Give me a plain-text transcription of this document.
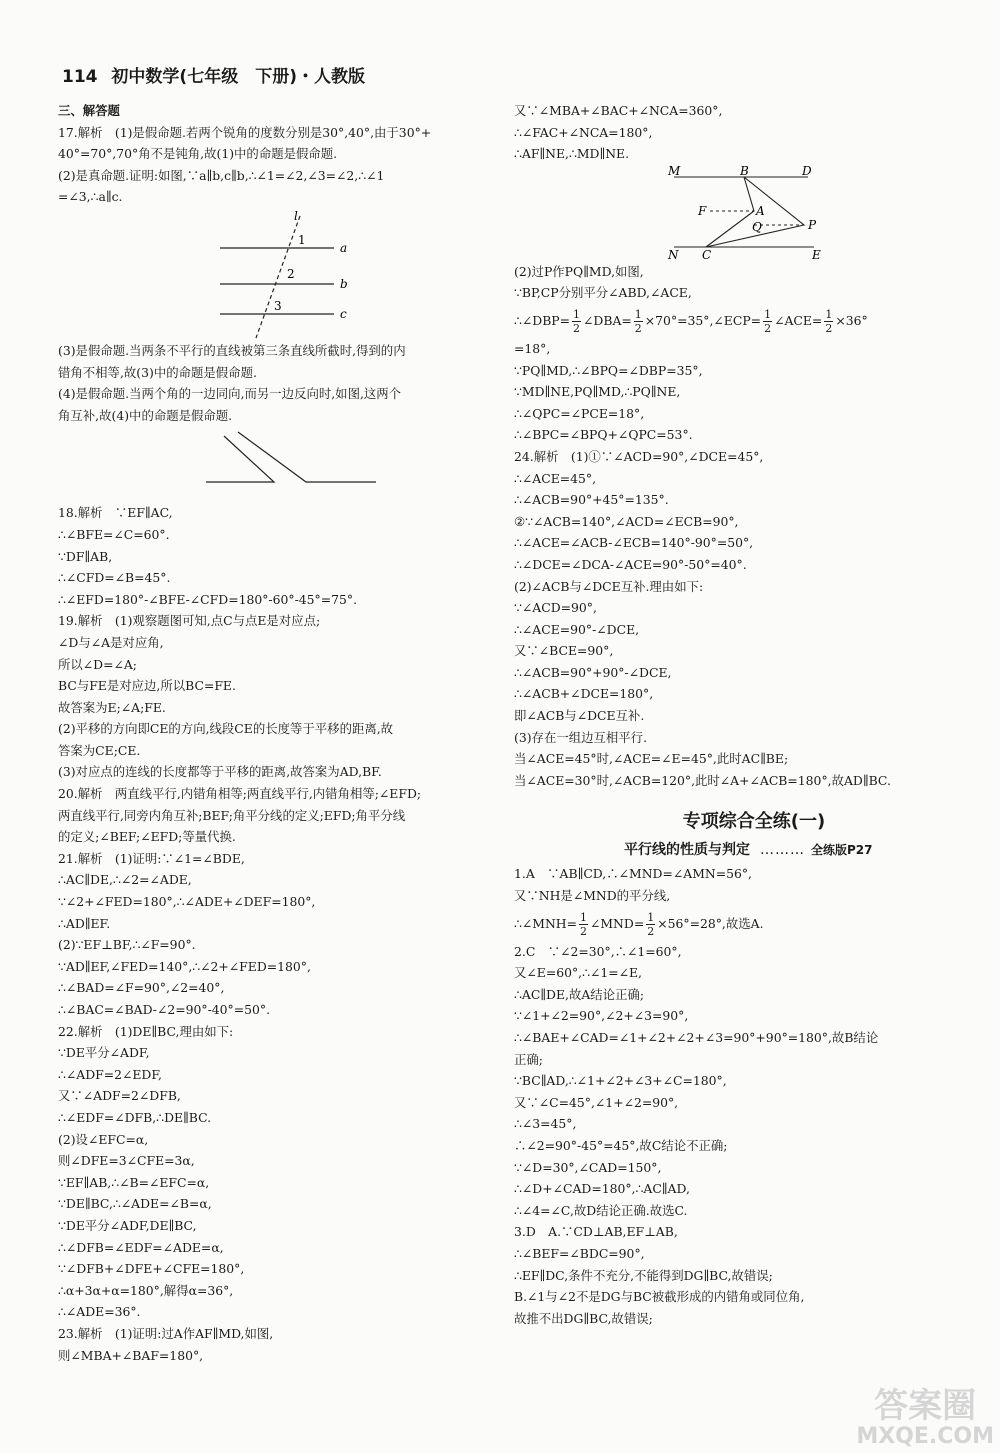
114 初中数学(七年级　下册)・人教版
三、解答题
17.解析　(1)是假命题.若两个锐角的度数分别是30°,40°,由于30°+
40°=70°,70°角不是钝角,故(1)中的命题是假命题.
(2)是真命题.证明:如图,∵a∥b,c∥b,∴∠1=∠2,∠3=∠2,∴∠1
=∠3,∴a∥c.
l
1
2
3
a
b
c
(3)是假命题.当两条不平行的直线被第三条直线所截时,得到的内
错角不相等,故(3)中的命题是假命题.
(4)是假命题.当两个角的一边同向,而另一边反向时,如图,这两个
角互补,故(4)中的命题是假命题.
18.解析　∵EF∥AC,
∴∠BFE=∠C=60°.
∵DF∥AB,
∴∠CFD=∠B=45°.
∴∠EFD=180°-∠BFE-∠CFD=180°-60°-45°=75°.
19.解析　(1)观察题图可知,点C与点E是对应点;
∠D与∠A是对应角,
所以∠D=∠A;
BC与FE是对应边,所以BC=FE.
故答案为E;∠A;FE.
(2)平移的方向即CE的方向,线段CE的长度等于平移的距离,故
答案为CE;CE.
(3)对应点的连线的长度都等于平移的距离,故答案为AD,BF.
20.解析　两直线平行,内错角相等;两直线平行,内错角相等;∠EFD;
两直线平行,同旁内角互补;BEF;角平分线的定义;EFD;角平分线
的定义;∠BEF;∠EFD;等量代换.
21.解析　(1)证明:∵∠1=∠BDE,
∴AC∥DE,∴∠2=∠ADE,
∵∠2+∠FED=180°,∴∠ADE+∠DEF=180°,
∴AD∥EF.
(2)∵EF⊥BF,∴∠F=90°.
∵AD∥EF,∠FED=140°,∴∠2+∠FED=180°,
∴∠BAD=∠F=90°,∠2=40°,
∴∠BAC=∠BAD-∠2=90°-40°=50°.
22.解析　(1)DE∥BC,理由如下:
∵DE平分∠ADF,
∴∠ADF=2∠EDF,
又∵∠ADF=2∠DFB,
∴∠EDF=∠DFB,∴DE∥BC.
(2)设∠EFC=α,
则∠DFE=3∠CFE=3α,
∵EF∥AB,∴∠B=∠EFC=α,
∵DE∥BC,∴∠ADE=∠B=α,
∵DE平分∠ADF,DE∥BC,
∴∠DFB=∠EDF=∠ADE=α,
∵∠DFB+∠DFE+∠CFE=180°,
∴α+3α+α=180°,解得α=36°,
∴∠ADE=36°.
23.解析　(1)证明:过A作AF∥MD,如图,
则∠MBA+∠BAF=180°,
又∵∠MBA+∠BAC+∠NCA=360°,
∴∠FAC+∠NCA=180°,
∴AF∥NE,∴MD∥NE.
M	B	D
F	A
Q	P
N C	E
(2)过P作PQ∥MD,如图,
∵BP,CP分别平分∠ABD,∠ACE,
∴∠DBP= $\frac{1}{2}$ ∠DBA= $\frac{1}{2}$ ×70°=35°,∠ECP= $\frac{1}{2}$ ∠ACE= $\frac{1}{2} \times 36^\circ$
=18°,
∵PQ∥MD,∴∠BPQ=∠DBP=35°,
∵MD∥NE,PQ∥MD,∴PQ∥NE,
∴∠QPC=∠PCE=18°,
∴∠BPC=∠BPQ+∠QPC=53°.
24.解析　(1)①∵∠ACD=90°,∠DCE=45°,
∴∠ACE=45°,
∴∠ACB=90°+45°=135°.
②∵∠ACB=140°,∠ACD=∠ECB=90°,
∴∠ACE=∠ACB-∠ECB=140°-90°=50°,
∴∠DCE=∠DCA-∠ACE=90°-50°=40°.
(2)∠ACB与∠DCE互补.理由如下:
∵∠ACD=90°,
∴∠ACE=90°-∠DCE,
又∵∠BCE=90°,
∴∠ACB=90°+90°-∠DCE,
∴∠ACB+∠DCE=180°,
即∠ACB与∠DCE互补.
(3)存在一组边互相平行.
当∠ACE=45°时,∠ACE=∠E=45°,此时AC∥BE;
当∠ACE=30°时,∠ACB=120°,此时∠A+∠ACB=180°,故AD∥BC.
专项综合全练(一)
平行线的性质与判定 ……… 全练版P27
1.A　∵AB∥CD,∴∠MND=∠AMN=56°,
又∵NH是∠MND的平分线,
∴∠MNH= $\frac{1}{2}$ ∠MND= $\frac{1}{2} \times 56^\circ=28^\circ$,故选A.
2.C　∵∠2=30°,∴∠1=60°,
又∠E=60°,∴∠1=∠E,
∴AC∥DE,故A结论正确;
∵∠1+∠2=90°,∠2+∠3=90°,
∴∠BAE+∠CAD=∠1+∠2+∠2+∠3=90°+90°=180°,故B结论
正确;
∵BC∥AD,∴∠1+∠2+∠3+∠C=180°,
又∵∠C=45°,∠1+∠2=90°,
∴∠3=45°,
∴∠2=90°-45°=45°,故C结论不正确;
∵∠D=30°,∠CAD=150°,
∴∠D+∠CAD=180°,∴AC∥AD,
∴∠4=∠C,故D结论正确.故选C.
3.D　A.∵CD⊥AB,EF⊥AB,
∴∠BEF=∠BDC=90°,
∴EF∥DC,条件不充分,不能得到DG∥BC,故错误;
B.∠1与∠2不是DG与BC被截形成的内错角或同位角,
故推不出DG∥BC,故错误;
答案圈
MXQE.COM
